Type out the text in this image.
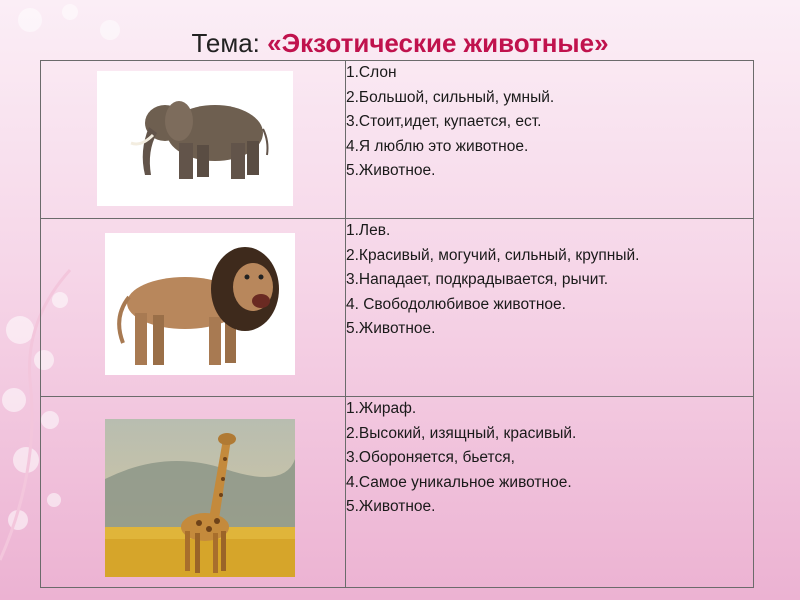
Тема: «Экзотические животные»

1.Слон
2.Большой, сильный, умный.
3.Стоит,идет, купается, ест.
4.Я люблю это животное.
5.Животное.

1.Лев.
2.Красивый, могучий, сильный, крупный.
3.Нападает, подкрадывается, рычит.
4. Свободолюбивое животное.
5.Животное.

1.Жираф.
2.Высокий, изящный, красивый.
3.Обороняется, бьется,
4.Самое уникальное животное.
5.Животное.
